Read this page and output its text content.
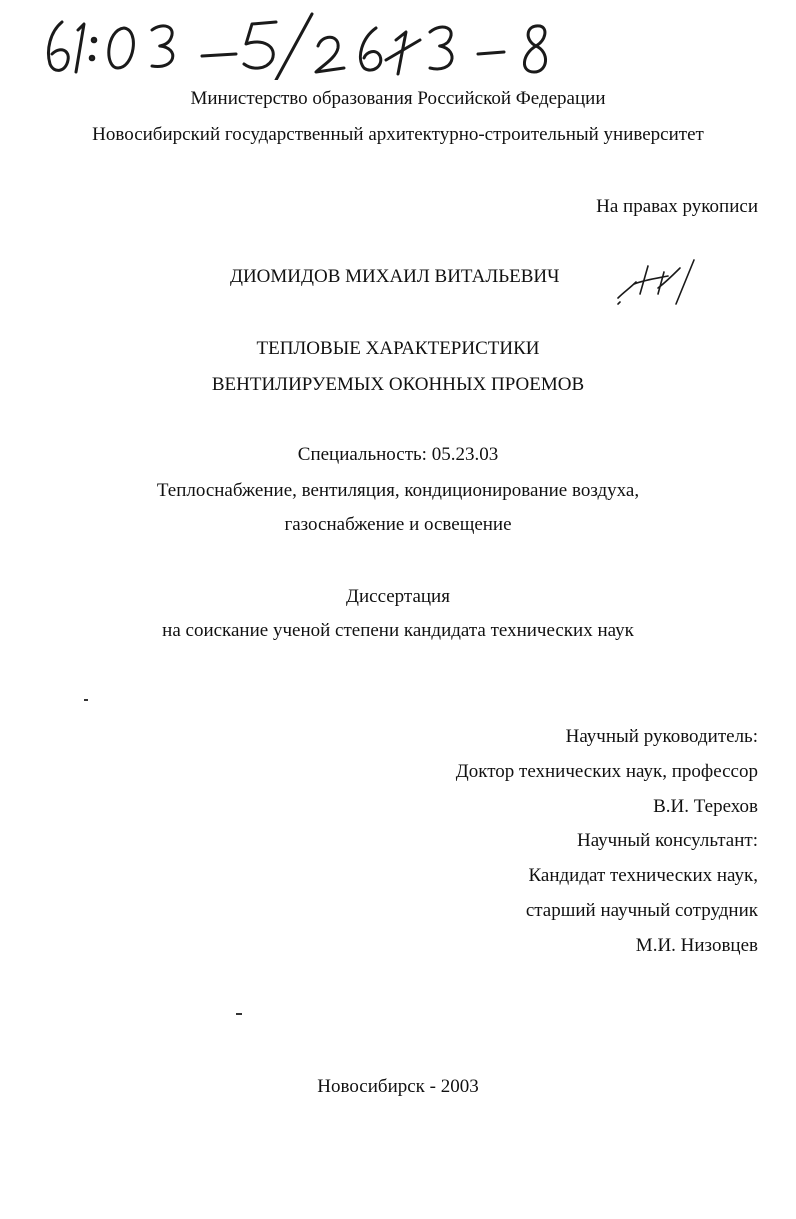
Министерство образования Российской Федерации
Новосибирский государственный архитектурно-строительный университет
На правах рукописи
ДИОМИДОВ МИХАИЛ ВИТАЛЬЕВИЧ
ТЕПЛОВЫЕ ХАРАКТЕРИСТИКИ
ВЕНТИЛИРУЕМЫХ ОКОННЫХ ПРОЕМОВ
Специальность: 05.23.03
Теплоснабжение, вентиляция, кондиционирование воздуха,
газоснабжение и освещение
Диссертация
на соискание ученой степени кандидата технических наук
Научный руководитель:
Доктор технических наук, профессор
В.И. Терехов
Научный консультант:
Кандидат технических наук,
старший научный сотрудник
М.И. Низовцев
Новосибирск - 2003
